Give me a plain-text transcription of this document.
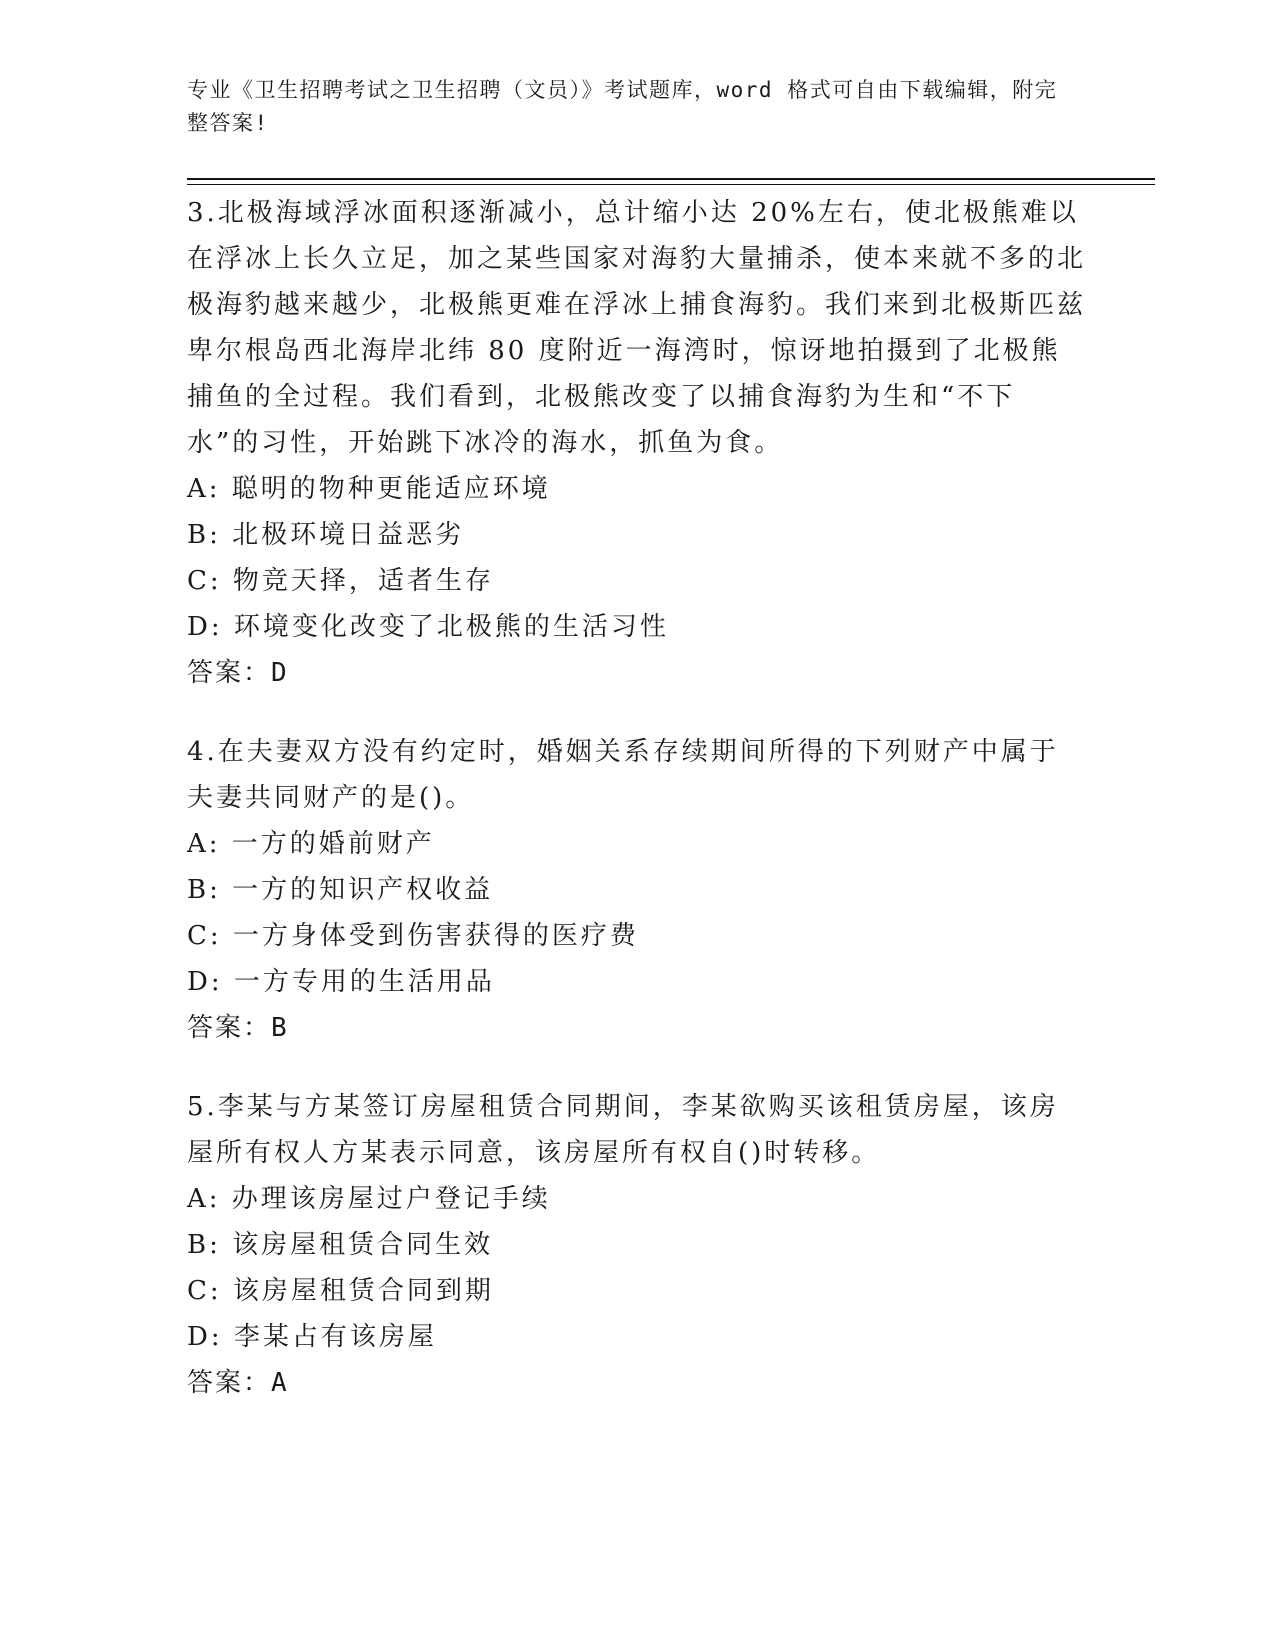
专业《卫生招聘考试之卫生招聘（文员）》考试题库，word 格式可自由下载编辑，附完整答案!

3.北极海域浮冰面积逐渐减小，总计缩小达 20%左右，使北极熊难以在浮冰上长久立足，加之某些国家对海豹大量捕杀，使本来就不多的北极海豹越来越少，北极熊更难在浮冰上捕食海豹。我们来到北极斯匹兹卑尔根岛西北海岸北纬 80 度附近一海湾时，惊讶地拍摄到了北极熊捕鱼的全过程。我们看到，北极熊改变了以捕食海豹为生和“不下水”的习性，开始跳下冰冷的海水，抓鱼为食。

A: 聪明的物种更能适应环境

B: 北极环境日益恶劣

C: 物竞天择，适者生存

D: 环境变化改变了北极熊的生活习性

答案：D

4.在夫妻双方没有约定时，婚姻关系存续期间所得的下列财产中属于夫妻共同财产的是()。

A: 一方的婚前财产

B: 一方的知识产权收益

C: 一方身体受到伤害获得的医疗费

D: 一方专用的生活用品

答案：B

5.李某与方某签订房屋租赁合同期间，李某欲购买该租赁房屋，该房屋所有权人方某表示同意，该房屋所有权自()时转移。

A: 办理该房屋过户登记手续

B: 该房屋租赁合同生效

C: 该房屋租赁合同到期

D: 李某占有该房屋

答案：A
